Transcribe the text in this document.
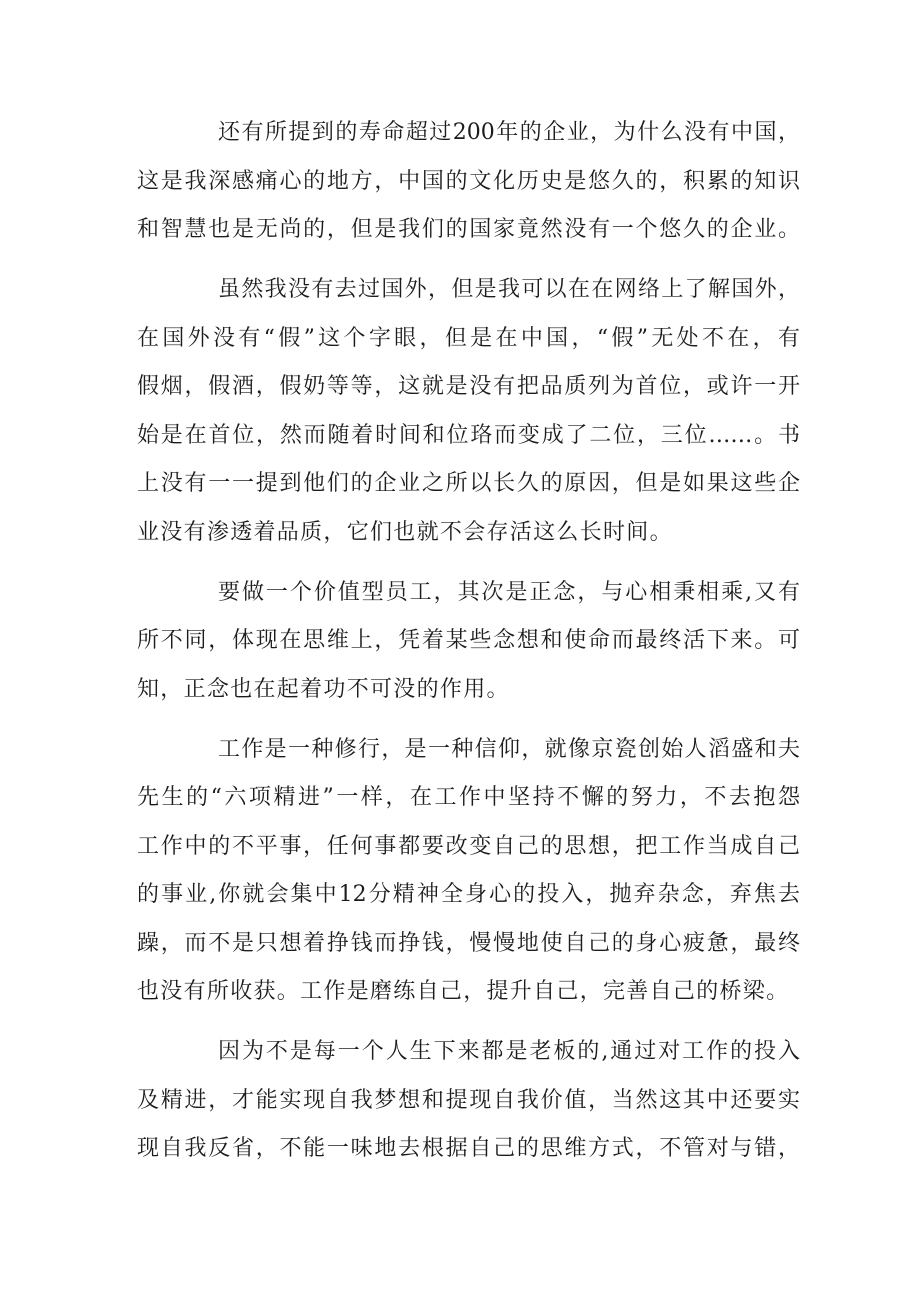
还有所提到的寿命超过200年的企业，为什么没有中国，
这是我深感痛心的地方，中国的文化历史是悠久的，积累的知识
和智慧也是无尚的，但是我们的国家竟然没有一个悠久的企业。
虽然我没有去过国外，但是我可以在在网络上了解国外，
在国外没有“假”这个字眼，但是在中国，“假”无处不在，有
假烟，假酒，假奶等等，这就是没有把品质列为首位，或许一开
始是在首位，然而随着时间和位珞而变成了二位，三位……。书
上没有一一提到他们的企业之所以长久的原因，但是如果这些企
业没有渗透着品质，它们也就不会存活这么长时间。
要做一个价值型员工，其次是正念，与心相秉相乘,又有
所不同，体现在思维上，凭着某些念想和使命而最终活下来。可
知，正念也在起着功不可没的作用。
工作是一种修行，是一种信仰，就像京瓷创始人滔盛和夫
先生的“六项精进”一样，在工作中坚持不懈的努力，不去抱怨
工作中的不平事，任何事都要改变自己的思想，把工作当成自己
的事业,你就会集中12分精神全身心的投入，抛弃杂念，弃焦去
躁，而不是只想着挣钱而挣钱，慢慢地使自己的身心疲惫，最终
也没有所收获。工作是磨练自己，提升自己，完善自己的桥梁。
因为不是每一个人生下来都是老板的,通过对工作的投入
及精进，才能实现自我梦想和提现自我价值，当然这其中还要实
现自我反省，不能一味地去根据自己的思维方式，不管对与错，
